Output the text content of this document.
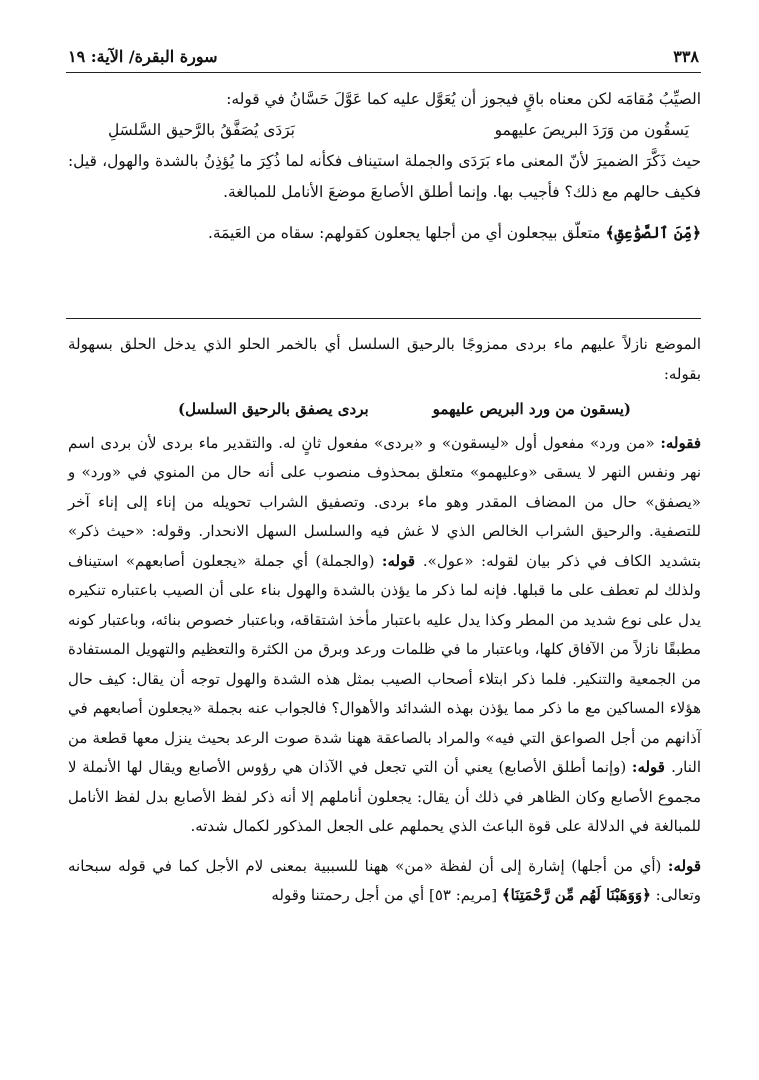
سورة البقرة/ الآية: ١٩	٣٣٨

الصيِّبُ مُقامَه لكن معناه باقٍ فيجوز أن يُعَوَّل عليه كما عَوَّلَ حَسَّانُ في قوله:

يَسقُون من وَرَدَ البريصَ عليهمو
بَرَدَى يُصَفَّقُ بالرَّحيق السَّلسَلِ

حيث ذَكَّرَ الضميرَ لأنّ المعنى ماء بَرَدَى والجملة استيناف فكأنه لما ذُكِرَ ما يُؤذِنُ بالشدة والهول، قيل: فكيف حالهم مع ذلك؟ فأجيب بها. وإنما أطلق الأصابعَ موضعَ الأنامل للمبالغة.

﴿مِّنَ ٱلصَّوَٰعِقِ﴾ متعلّق بيجعلون أي من أجلها يجعلون كقولهم: سقاه من العَيمَة.

الموضع نازلاً عليهم ماء بردى ممزوجًا بالرحيق السلسل أي بالخمر الحلو الذي يدخل الحلق بسهولة بقوله:

(يسقون من ورد البريص عليهمو
بردى يصفق بالرحيق السلسل)

فقوله: «من ورد» مفعول أول «ليسقون» و «بردى» مفعول ثانٍ له. والتقدير ماء بردى لأن بردى اسم نهر ونفس النهر لا يسقى «وعليهمو» متعلق بمحذوف منصوب على أنه حال من المنوي في «ورد» و «يصفق» حال من المضاف المقدر وهو ماء بردى. وتصفيق الشراب تحويله من إناء إلى إناء آخر للتصفية. والرحيق الشراب الخالص الذي لا غش فيه والسلسل السهل الانحدار. وقوله: «حيث ذكر» بتشديد الكاف في ذكر بيان لقوله: «عول». قوله: (والجملة) أي جملة «يجعلون أصابعهم» استيناف ولذلك لم تعطف على ما قبلها. فإنه لما ذكر ما يؤذن بالشدة والهول بناء على أن الصيب باعتباره تنكيره يدل على نوع شديد من المطر وكذا يدل عليه باعتبار مأخذ اشتقاقه، وباعتبار خصوص بنائه، وباعتبار كونه مطبقًا نازلاً من الآفاق كلها، وباعتبار ما في ظلمات ورعد وبرق من الكثرة والتعظيم والتهويل المستفادة من الجمعية والتنكير. فلما ذكر ابتلاء أصحاب الصيب بمثل هذه الشدة والهول توجه أن يقال: كيف حال هؤلاء المساكين مع ما ذكر مما يؤذن بهذه الشدائد والأهوال؟ فالجواب عنه بجملة «يجعلون أصابعهم في آذانهم من أجل الصواعق التي فيه» والمراد بالصاعقة ههنا شدة صوت الرعد بحيث ينزل معها قطعة من النار. قوله: (وإنما أطلق الأصابع) يعني أن التي تجعل في الآذان هي رؤوس الأصابع ويقال لها الأنملة لا مجموع الأصابع وكان الظاهر في ذلك أن يقال: يجعلون أناملهم إلا أنه ذكر لفظ الأصابع بدل لفظ الأنامل للمبالغة في الدلالة على قوة الباعث الذي يحملهم على الجعل المذكور لكمال شدته.

قوله: (أي من أجلها) إشارة إلى أن لفظة «من» ههنا للسببية بمعنى لام الأجل كما في قوله سبحانه وتعالى: ﴿وَوَهَبْنَا لَهُم مِّن رَّحْمَتِنَا﴾ [مريم: ٥٣] أي من أجل رحمتنا وقوله
